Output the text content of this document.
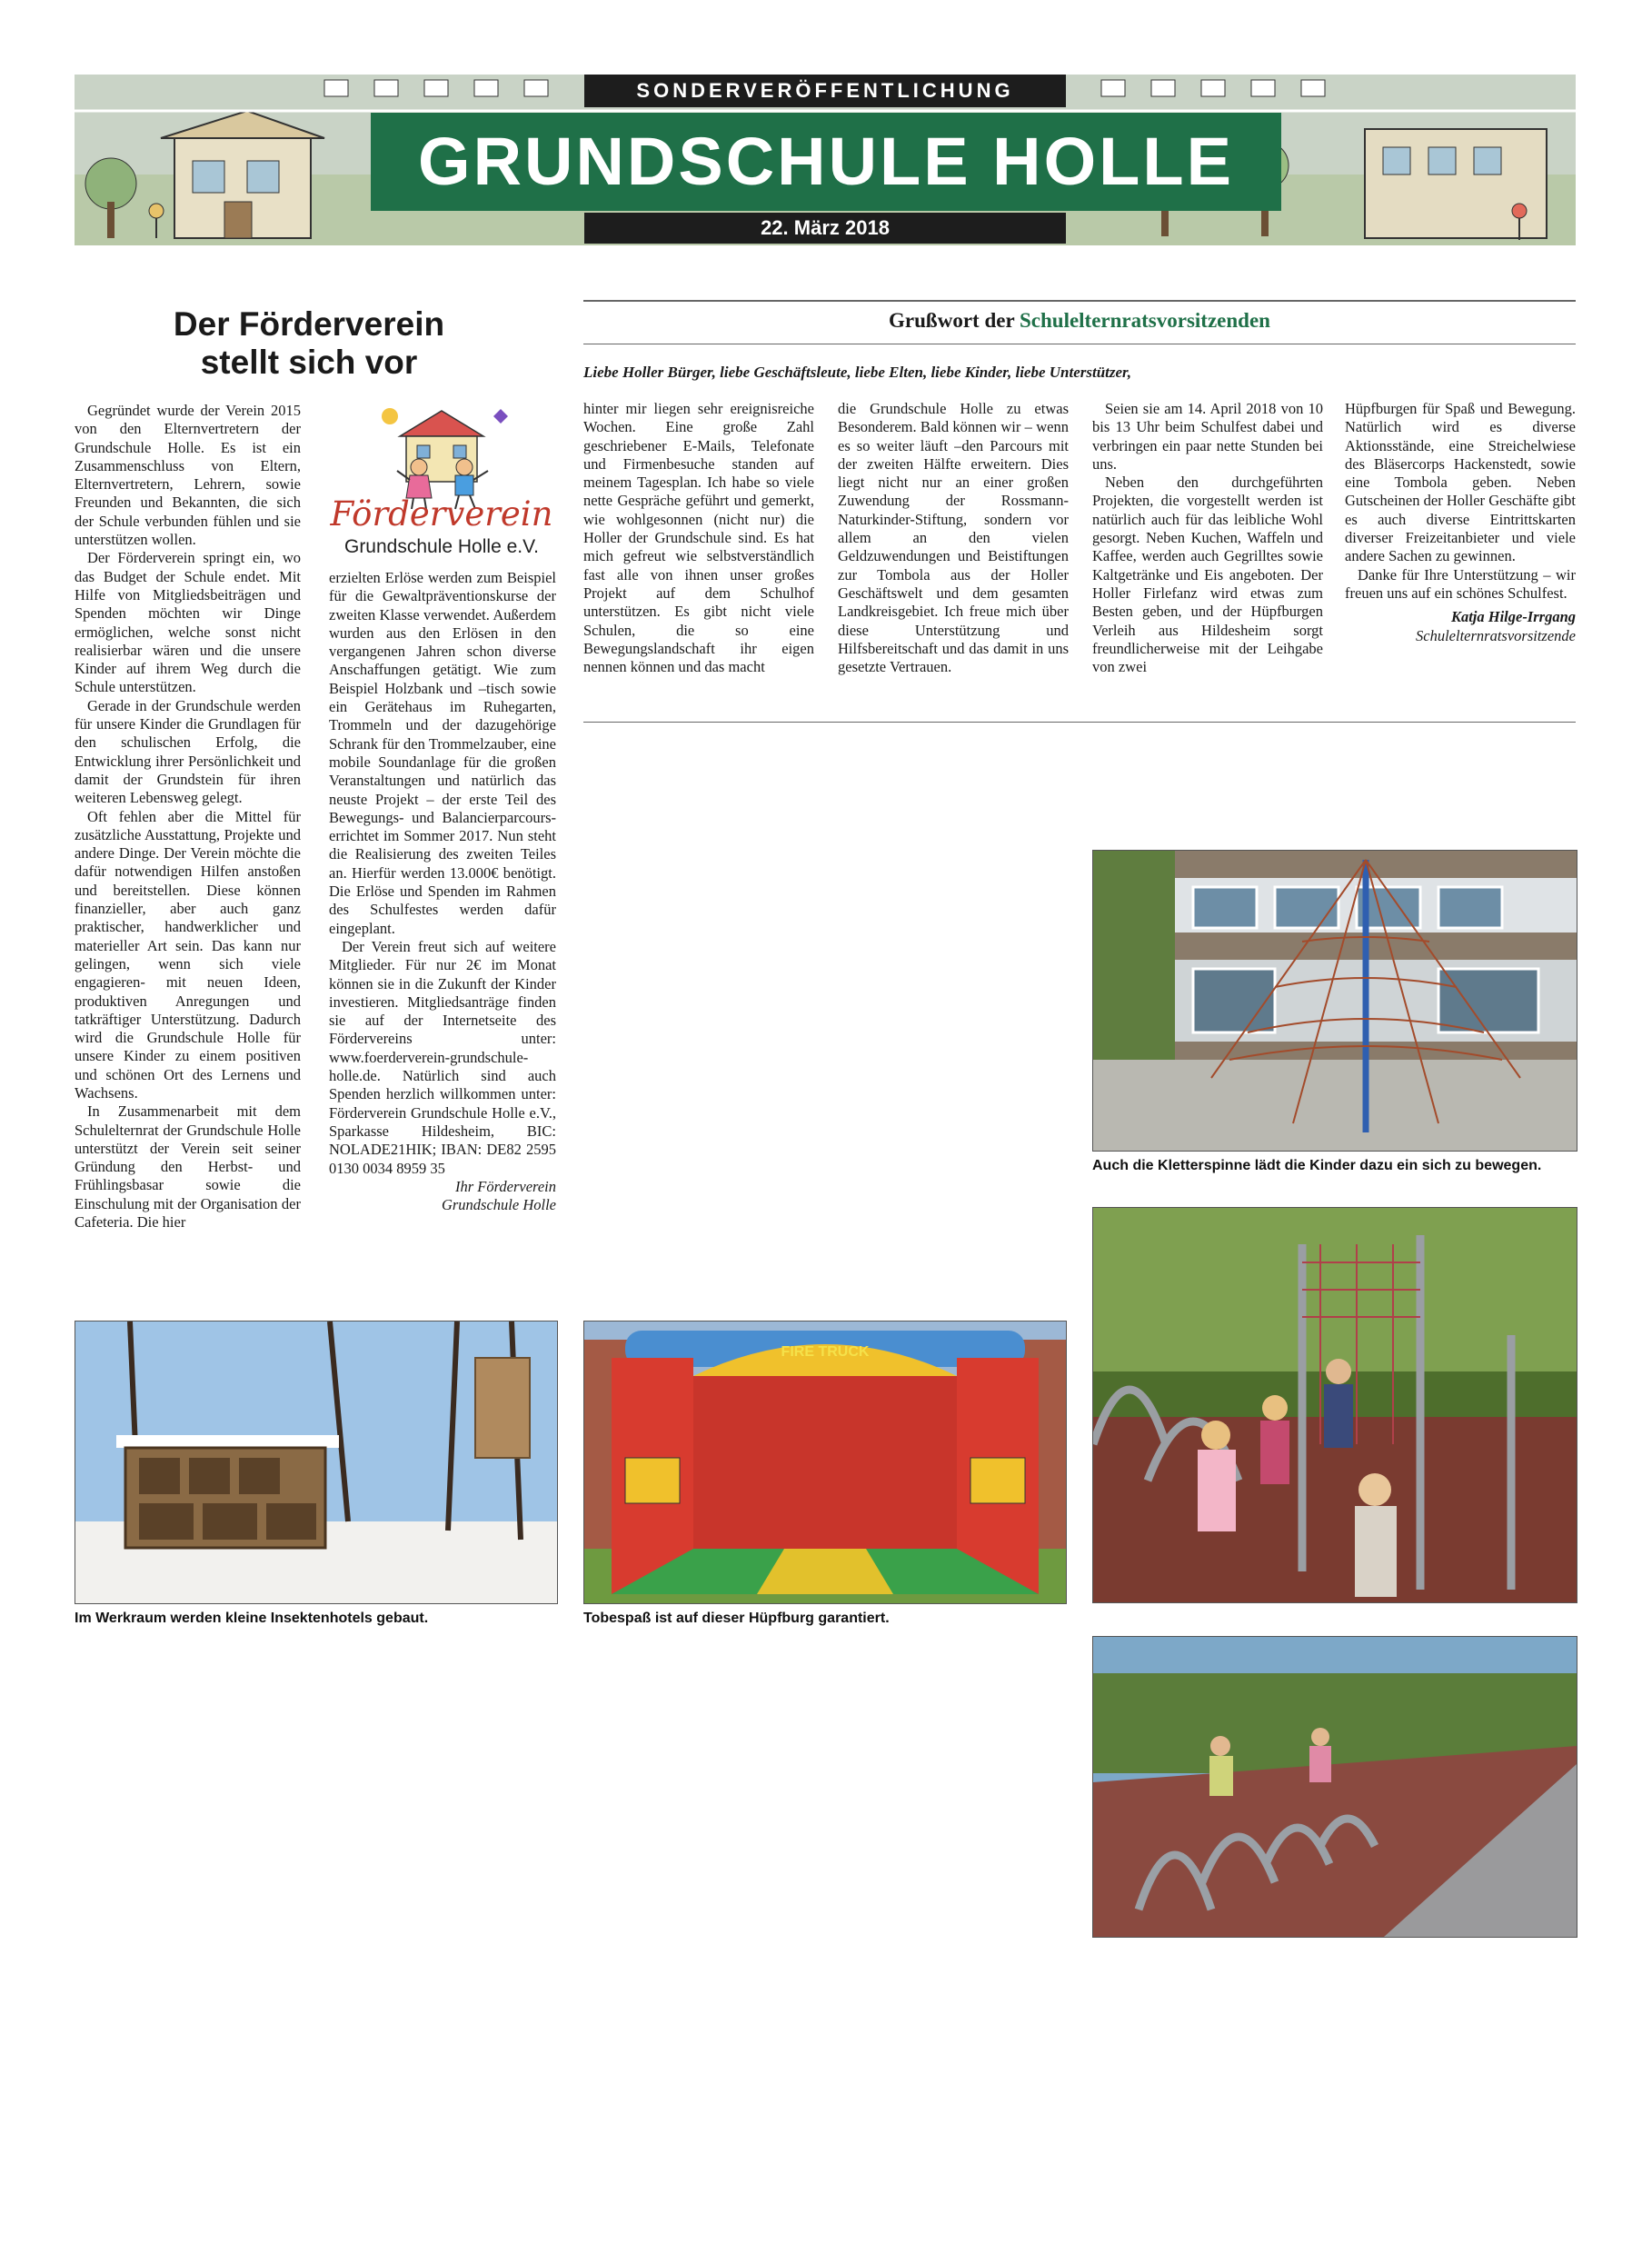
SONDERVERÖFFENTLICHUNG
GRUNDSCHULE HOLLE
22. März 2018
Der Förderverein
stellt sich vor
Förderverein
Grundschule Holle e.V.

Gegründet wurde der Verein 2015 von den Elternvertretern der Grundschule Holle. Es ist ein Zusammenschluss von Eltern, Elternvertretern, Lehrern, sowie Freunden und Bekannten, die sich der Schule verbunden fühlen und sie unterstützen wollen.

Der Förderverein springt ein, wo das Budget der Schule endet. Mit Hilfe von Mitgliedsbeiträgen und Spenden möchten wir Dinge ermöglichen, welche sonst nicht realisierbar wären und die unsere Kinder auf ihrem Weg durch die Schule unterstützen.

Gerade in der Grundschule werden für unsere Kinder die Grundlagen für den schulischen Erfolg, die Entwicklung ihrer Persönlichkeit und damit der Grundstein für ihren weiteren Lebensweg gelegt.

Oft fehlen aber die Mittel für zusätzliche Ausstattung, Projekte und andere Dinge. Der Verein möchte die dafür notwendigen Hilfen anstoßen und bereitstellen. Diese können finanzieller, aber auch ganz praktischer, handwerklicher und materieller Art sein. Das kann nur gelingen, wenn sich viele engagieren- mit neuen Ideen, produktiven Anregungen und tatkräftiger Unterstützung. Dadurch wird die Grundschule Holle für unsere Kinder zu einem positiven und schönen Ort des Lernens und Wachsens.

In Zusammenarbeit mit dem Schulelternrat der Grundschule Holle unterstützt der Verein seit seiner Gründung den Herbst- und Frühlingsbasar sowie die Einschulung mit der Organisation der Cafeteria. Die hier

erzielten Erlöse werden zum Beispiel für die Gewaltpräventionskurse der zweiten Klasse verwendet. Außerdem wurden aus den Erlösen in den vergangenen Jahren schon diverse Anschaffungen getätigt. Wie zum Beispiel Holzbank und –tisch sowie ein Gerätehaus im Ruhegarten, Trommeln und der dazugehörige Schrank für den Trommelzauber, eine mobile Soundanlage für die großen Veranstaltungen und natürlich das neuste Projekt – der erste Teil des Bewegungs- und Balancierparcours- errichtet im Sommer 2017. Nun steht die Realisierung des zweiten Teiles an. Hierfür werden 13.000€ benötigt. Die Erlöse und Spenden im Rahmen des Schulfestes werden dafür eingeplant.

Der Verein freut sich auf weitere Mitglieder. Für nur 2€ im Monat können sie in die Zukunft der Kinder investieren. Mitgliedsanträge finden sie auf der Internetseite des Fördervereins unter: www.foerderverein-grundschule-holle.de. Natürlich sind auch Spenden herzlich willkommen unter: Förderverein Grundschule Holle e.V., Sparkasse Hildesheim, BIC: NOLADE21HIK; IBAN: DE82 2595 0130 0034 8959 35

Ihr Förderverein
Grundschule Holle
Grußwort der Schulelternratsvorsitzenden
Liebe Holler Bürger, liebe Geschäftsleute, liebe Elten, liebe Kinder, liebe Unterstützer,

hinter mir liegen sehr ereignisreiche Wochen. Eine große Zahl geschriebener E-Mails, Telefonate und Firmenbesuche standen auf meinem Tagesplan. Ich habe so viele nette Gespräche geführt und gemerkt, wie wohlgesonnen (nicht nur) die Holler der Grundschule sind. Es hat mich gefreut wie selbstverständlich fast alle von ihnen unser großes Projekt auf dem Schulhof unterstützen. Es gibt nicht viele Schulen, die so eine Bewegungslandschaft ihr eigen nennen können und das macht

die Grundschule Holle zu etwas Besonderem. Bald können wir – wenn es so weiter läuft –den Parcours mit der zweiten Hälfte erweitern. Dies liegt nicht nur an einer großen Zuwendung der Rossmann-Naturkinder-Stiftung, sondern vor allem an den vielen Geldzuwendungen und Beistiftungen zur Tombola aus der Holler Geschäftswelt und dem gesamten Landkreisgebiet. Ich freue mich über diese Unterstützung und Hilfsbereitschaft und das damit in uns gesetzte Vertrauen.

Seien sie am 14. April 2018 von 10 bis 13 Uhr beim Schulfest dabei und verbringen ein paar nette Stunden bei uns.

Neben den durchgeführten Projekten, die vorgestellt werden ist natürlich auch für das leibliche Wohl gesorgt. Neben Kuchen, Waffeln und Kaffee, werden auch Gegrilltes sowie Kaltgetränke und Eis angeboten. Der Holler Firlefanz wird etwas zum Besten geben, und der Hüpfburgen Verleih aus Hildesheim sorgt freundlicherweise mit der Leihgabe von zwei

Hüpfburgen für Spaß und Bewegung. Natürlich wird es diverse Aktionsstände, eine Streichelwiese des Bläsercorps Hackenstedt, sowie eine Tombola geben. Neben Gutscheinen der Holler Geschäfte gibt es auch diverse Eintrittskarten diverser Freizeitanbieter und viele andere Sachen zu gewinnen.

Danke für Ihre Unterstützung – wir freuen uns auf ein schönes Schulfest.

Katja Hilge-Irrgang
Schulelternratsvorsitzende
Auch die Kletterspinne lädt die Kinder dazu ein sich zu bewegen.
Im Werkraum werden kleine Insektenhotels gebaut.
FIRE TRUCK
Tobespaß ist auf dieser Hüpfburg garantiert.
